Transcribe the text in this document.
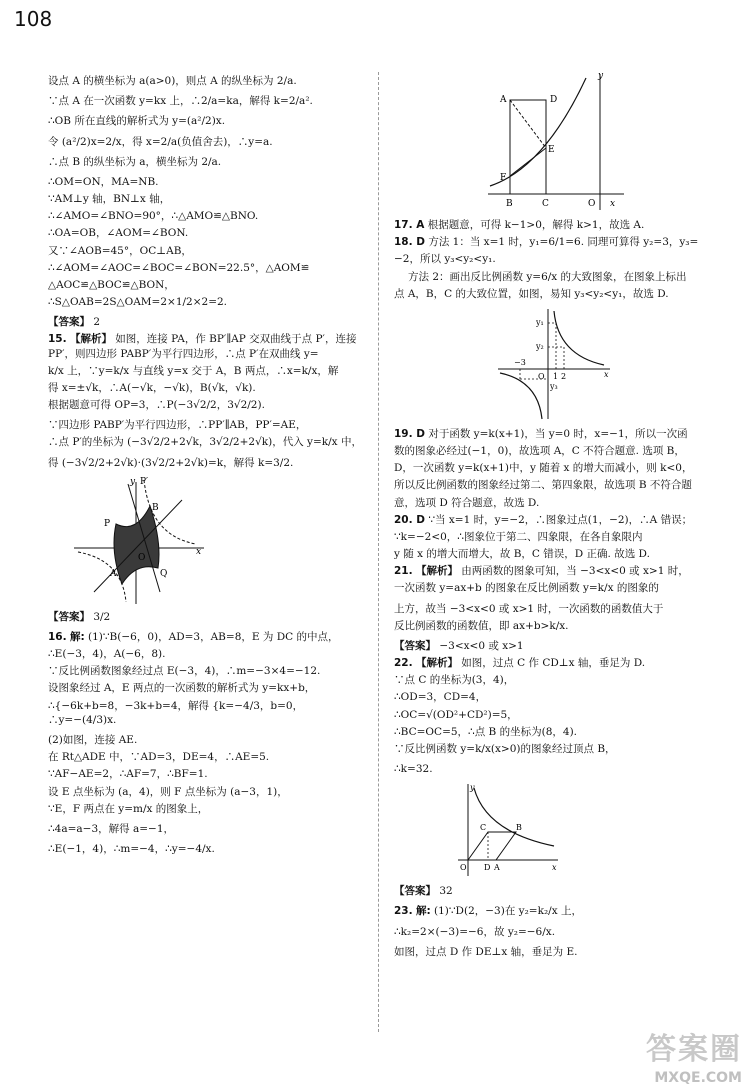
108

设点 A 的横坐标为 a(a>0)，则点 A 的纵坐标为 2/a.

∵点 A 在一次函数 y=kx 上，∴2/a=ka，解得 k=2/a².

∴OB 所在直线的解析式为 y=(a²/2)x.

令 (a²/2)x=2/x，得 x=2/a(负值舍去)，∴y=a.

∴点 B 的纵坐标为 a，横坐标为 2/a.

∴OM=ON，MA=NB.

∵AM⊥y 轴，BN⊥x 轴，

∴∠AMO=∠BNO=90°，∴△AMO≌△BNO.

∴OA=OB，∠AOM=∠BON.

又∵∠AOB=45°，OC⊥AB，

∴∠AOM=∠AOC=∠BOC=∠BON=22.5°，△AOM≌

△AOC≌△BOC≌△BON，

∴S△OAB=2S△OAM=2×1/2×2=2.

【答案】 2

15. 【解析】 如图，连接 PA，作 BP′∥AP 交双曲线于点 P′，连接 PP′，则四边形 PABP′为平行四边形，∴点 P′在双曲线 y=

k/x 上，∵y=k/x 与直线 y=x 交于 A，B 两点，∴x=k/x，解

得 x=±√k，∴A(−√k，−√k)，B(√k，√k).

根据题意可得 OP=3，∴P(−3√2/2，3√2/2).

∵四边形 PABP′为平行四边形，∴PP′∥AB，PP′=AE，

∴点 P′的坐标为 (−3√2/2+2√k，3√2/2+2√k)，代入 y=k/x 中，

得 (−3√2/2+2√k)·(3√2/2+2√k)=k，解得 k=3/2.

P′
y
P
B
O
A	Q
x

【答案】 3/2

16. 解: (1)∵B(−6，0)，AD=3，AB=8，E 为 DC 的中点，

∴E(−3，4)，A(−6，8).

∵反比例函数图象经过点 E(−3，4)，∴m=−3×4=−12.

设图象经过 A，E 两点的一次函数的解析式为 y=kx+b，

∴{−6k+b=8，−3k+b=4，解得 {k=−4/3，b=0，∴y=−(4/3)x.

(2)如图，连接 AE.

在 Rt△ADE 中，∵AD=3，DE=4，∴AE=5.

∵AF−AE=2，∴AF=7，∴BF=1.

设 E 点坐标为 (a，4)，则 F 点坐标为 (a−3，1)，

∵E，F 两点在 y=m/x 的图象上，

∴4a=a−3，解得 a=−1，

∴E(−1，4)，∴m=−4，∴y=−4/x.

y
A	D
E
F
B	C	O x

17. A 根据题意，可得 k−1>0，解得 k>1，故选 A.

18. D 方法 1：当 x=1 时，y₁=6/1=6. 同理可算得 y₂=3，y₃=

−2，所以 y₃<y₂<y₁.

方法 2：画出反比例函数 y=6/x 的大致图象，在图象上标出

点 A，B，C 的大致位置，如图，易知 y₃<y₂<y₁，故选 D.

y₁
y₂
y₃
−3
O 1 2	x

19. D 对于函数 y=k(x+1)，当 y=0 时，x=−1，所以一次函

数的图象必经过(−1，0)，故选项 A，C 不符合题意. 选项 B，

D，一次函数 y=k(x+1)中，y 随着 x 的增大而减小，则 k<0，

所以反比例函数的图象经过第二、第四象限，故选项 B 不符合题

意，选项 D 符合题意，故选 D.

20. D ∵当 x=1 时，y=−2，∴图象过点(1，−2)，∴A 错误；

∵k=−2<0，∴图象位于第二、四象限，在各自象限内

y 随 x 的增大而增大，故 B，C 错误，D 正确. 故选 D.

21. 【解析】 由两函数的图象可知，当 −3<x<0 或 x>1 时，

一次函数 y=ax+b 的图象在反比例函数 y=k/x 的图象的

上方，故当 −3<x<0 或 x>1 时，一次函数的函数值大于

反比例函数的函数值，即 ax+b>k/x.

【答案】 −3<x<0 或 x>1

22. 【解析】 如图，过点 C 作 CD⊥x 轴，垂足为 D.

∵点 C 的坐标为(3，4)，

∴OD=3，CD=4，

∴OC=√(OD²+CD²)=5，

∴BC=OC=5，∴点 B 的坐标为(8，4).

∵反比例函数 y=k/x(x>0)的图象经过顶点 B，

∴k=32.

y
C	B
O D A	x

【答案】 32

23. 解: (1)∵D(2，−3)在 y₂=k₂/x 上，

∴k₂=2×(−3)=−6，故 y₂=−6/x.

如图，过点 D 作 DE⊥x 轴，垂足为 E.

答案圈
MXQE.COM
